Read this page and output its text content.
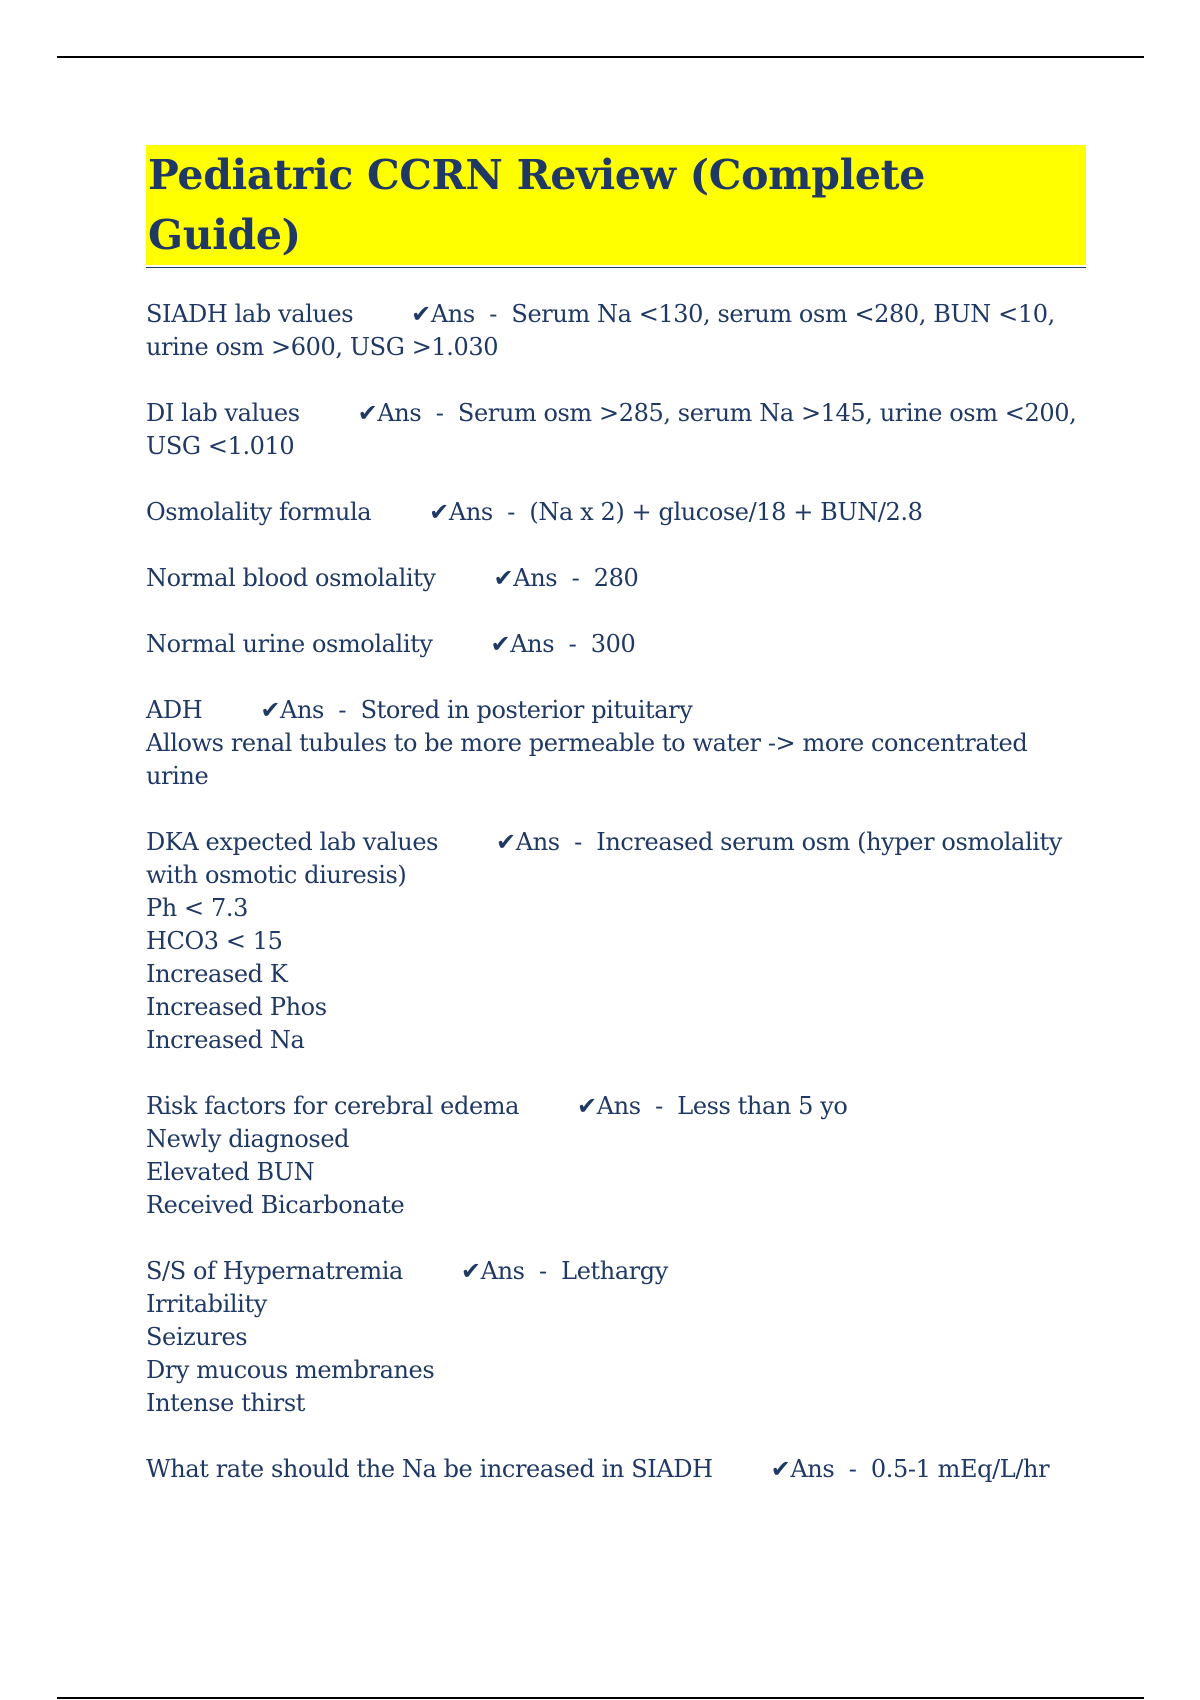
Pediatric CCRN Review (Complete Guide)
SIADH lab values ✔Ans  -  Serum Na <130, serum osm <280, BUN <10,
urine osm >600, USG >1.030
DI lab values ✔Ans  -  Serum osm >285, serum Na >145, urine osm <200,
USG <1.010
Osmolality formula ✔Ans  -  (Na x 2) + glucose/18 + BUN/2.8
Normal blood osmolality ✔Ans  -  280
Normal urine osmolality ✔Ans  -  300
ADH ✔Ans  -  Stored in posterior pituitary
Allows renal tubules to be more permeable to water -> more concentrated
urine
DKA expected lab values ✔Ans  -  Increased serum osm (hyper osmolality
with osmotic diuresis)
Ph < 7.3
HCO3 < 15
Increased K
Increased Phos
Increased Na
Risk factors for cerebral edema ✔Ans  -  Less than 5 yo
Newly diagnosed
Elevated BUN
Received Bicarbonate
S/S of Hypernatremia ✔Ans  -  Lethargy
Irritability
Seizures
Dry mucous membranes
Intense thirst
What rate should the Na be increased in SIADH ✔Ans  -  0.5-1 mEq/L/hr
